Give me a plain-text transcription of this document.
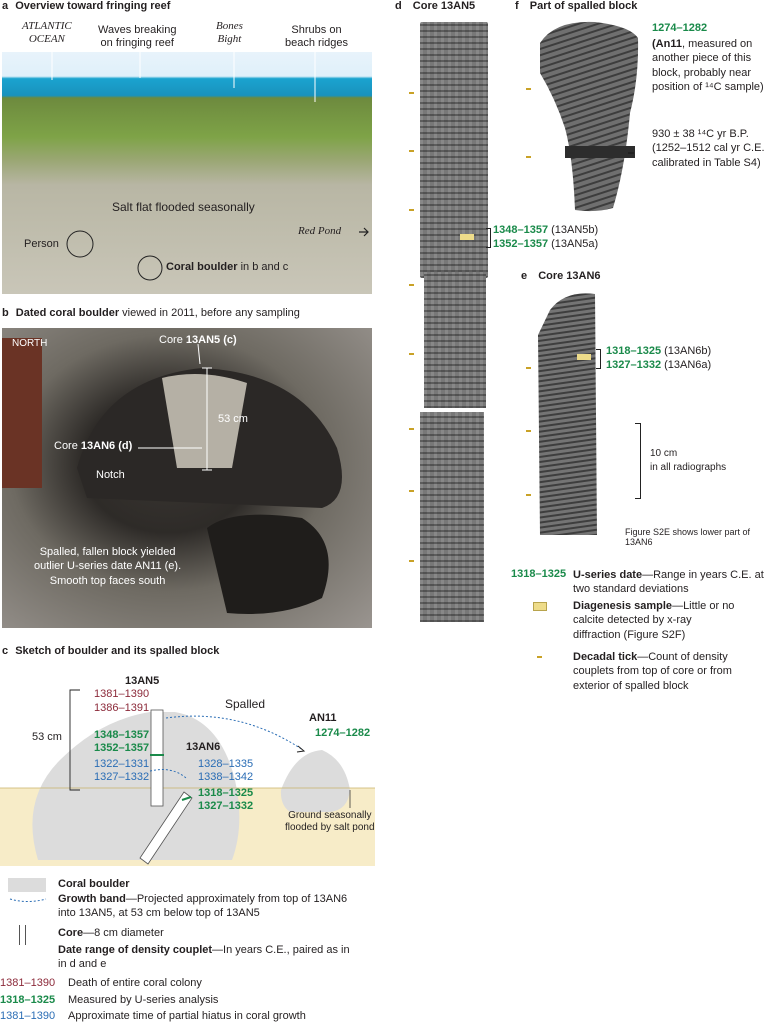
a Overview toward fringing reef
ATLANTIC
OCEAN
Waves breaking
on fringing reef
Bones
Bight
Shrubs on
beach ridges
Salt flat flooded seasonally
Red Pond
Person
Coral boulder in b and c
b Dated coral boulder viewed in 2011, before any sampling
NORTH	Core 13AN5 (c)
53 cm
Core 13AN6 (d)
Notch
Spalled, fallen block yielded
outlier U-series date AN11 (e).
Smooth top faces south
c Sketch of boulder and its spalled block
13AN5
Spalled
AN11
1274–1282
53 cm
13AN6
1381–1390
1386–1391
1348–1357
1352–1357
1322–1331
1327–1332
1328–1335
1338–1342
1318–1325
1327–1332
Ground seasonally
flooded by salt pond
Coral boulder
Growth band—Projected approximately from top of 13AN6
into 13AN5, at 53 cm below top of 13AN5
Core—8 cm diameter
Date range of density couplet—In years C.E., paired as in
in d and e
1381–1390 Death of entire coral colony
1318–1325 Measured by U-series analysis
1381–1390 Approximate time of partial hiatus in coral growth
d Core 13AN5
1348–1357 (13AN5b)
1352–1357 (13AN5a)
f Part of spalled block
1274–1282
(An11, measured on
another piece of this
block, probably near
position of ¹⁴C sample)
930 ± 38 ¹⁴C yr B.P.
(1252–1512 cal yr C.E.
calibrated in Table S4)
e Core 13AN6
1318–1325 (13AN6b)
1327–1332 (13AN6a)
10 cm
in all radiographs
Figure S2E shows lower part of 13AN6
1318–1325 U-series date—Range in years C.E. at
two standard deviations
Diagenesis sample—Little or no
calcite detected by x-ray
diffraction (Figure S2F)
Decadal tick—Count of density
couplets from top of core or from
exterior of spalled block
